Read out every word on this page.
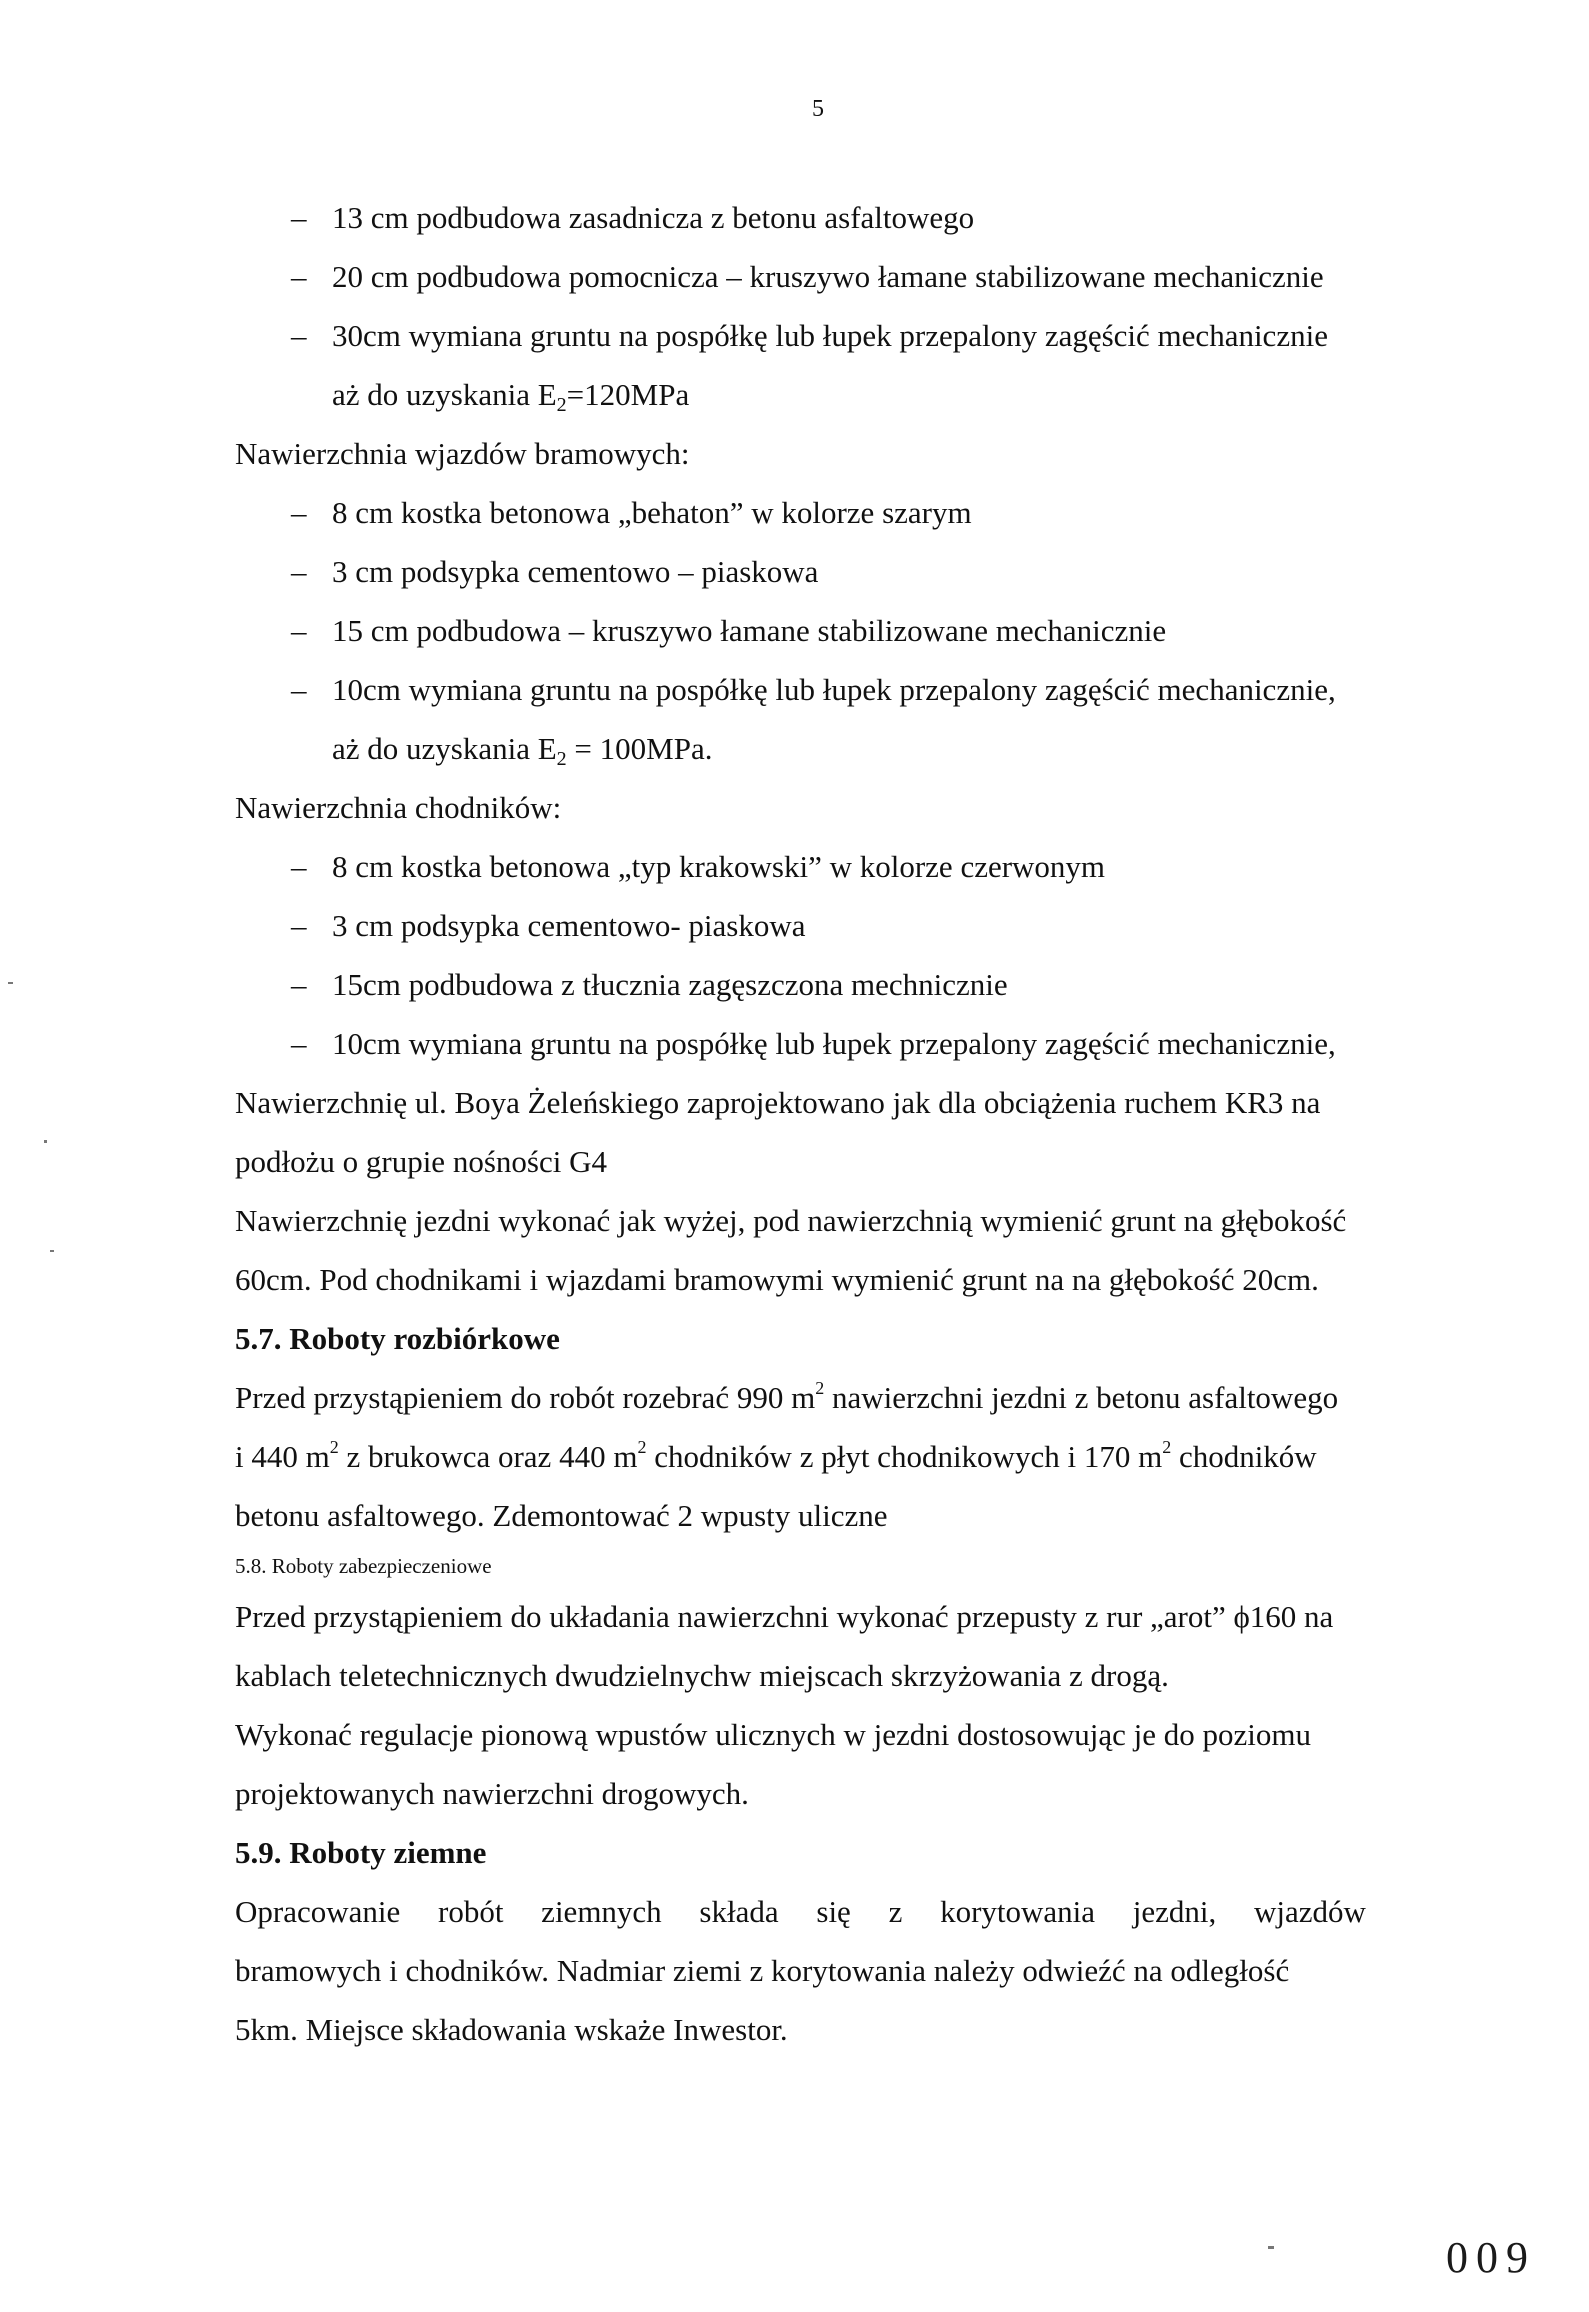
5

– 13 cm podbudowa zasadnicza z betonu asfaltowego

– 20 cm podbudowa pomocnicza – kruszywo łamane stabilizowane mechanicznie

– 30cm wymiana gruntu na pospółkę lub łupek przepalony zagęścić mechanicznie

aż do uzyskania $E_2=120MPa$

Nawierzchnia wjazdów bramowych:

– 8 cm kostka betonowa „behaton” w kolorze szarym

– 3 cm podsypka cementowo – piaskowa

– 15 cm podbudowa – kruszywo łamane stabilizowane mechanicznie

– 10cm wymiana gruntu na pospółkę lub łupek przepalony zagęścić mechanicznie,

aż do uzyskania $E_2 = 100MPa$.

Nawierzchnia chodników:

– 8 cm kostka betonowa „typ krakowski” w kolorze czerwonym

– 3 cm podsypka cementowo- piaskowa

– 15cm podbudowa z tłucznia zagęszczona mechnicznie

– 10cm wymiana gruntu na pospółkę lub łupek przepalony zagęścić mechanicznie,

Nawierzchnię ul. Boya Żeleńskiego zaprojektowano jak dla obciążenia ruchem KR3 na

podłożu o grupie nośności G4

Nawierzchnię jezdni wykonać jak wyżej, pod nawierzchnią wymienić grunt na głębokość

60cm. Pod chodnikami i wjazdami bramowymi wymienić grunt na na głębokość 20cm.

5.7. Roboty rozbiórkowe

Przed przystąpieniem do robót rozebrać 990 $m^2$ nawierzchni jezdni z betonu asfaltowego

i 440 $m^2$ z brukowca oraz 440 $m^2$ chodników z płyt chodnikowych i 170 $m^2$ chodników

betonu asfaltowego. Zdemontować 2 wpusty uliczne

5.8. Roboty zabezpieczeniowe

Przed przystąpieniem do układania nawierzchni wykonać przepusty z rur „arot” ϕ160 na

kablach teletechnicznych dwudzielnychw miejscach skrzyżowania z drogą.

Wykonać regulacje pionową wpustów ulicznych w jezdni dostosowując je do poziomu

projektowanych nawierzchni drogowych.

5.9. Roboty ziemne

Opracowanie robót ziemnych składa się z korytowania jezdni, wjazdów

bramowych i chodników. Nadmiar ziemi z korytowania należy odwieźć na odległość

5km. Miejsce składowania wskaże Inwestor.

009
